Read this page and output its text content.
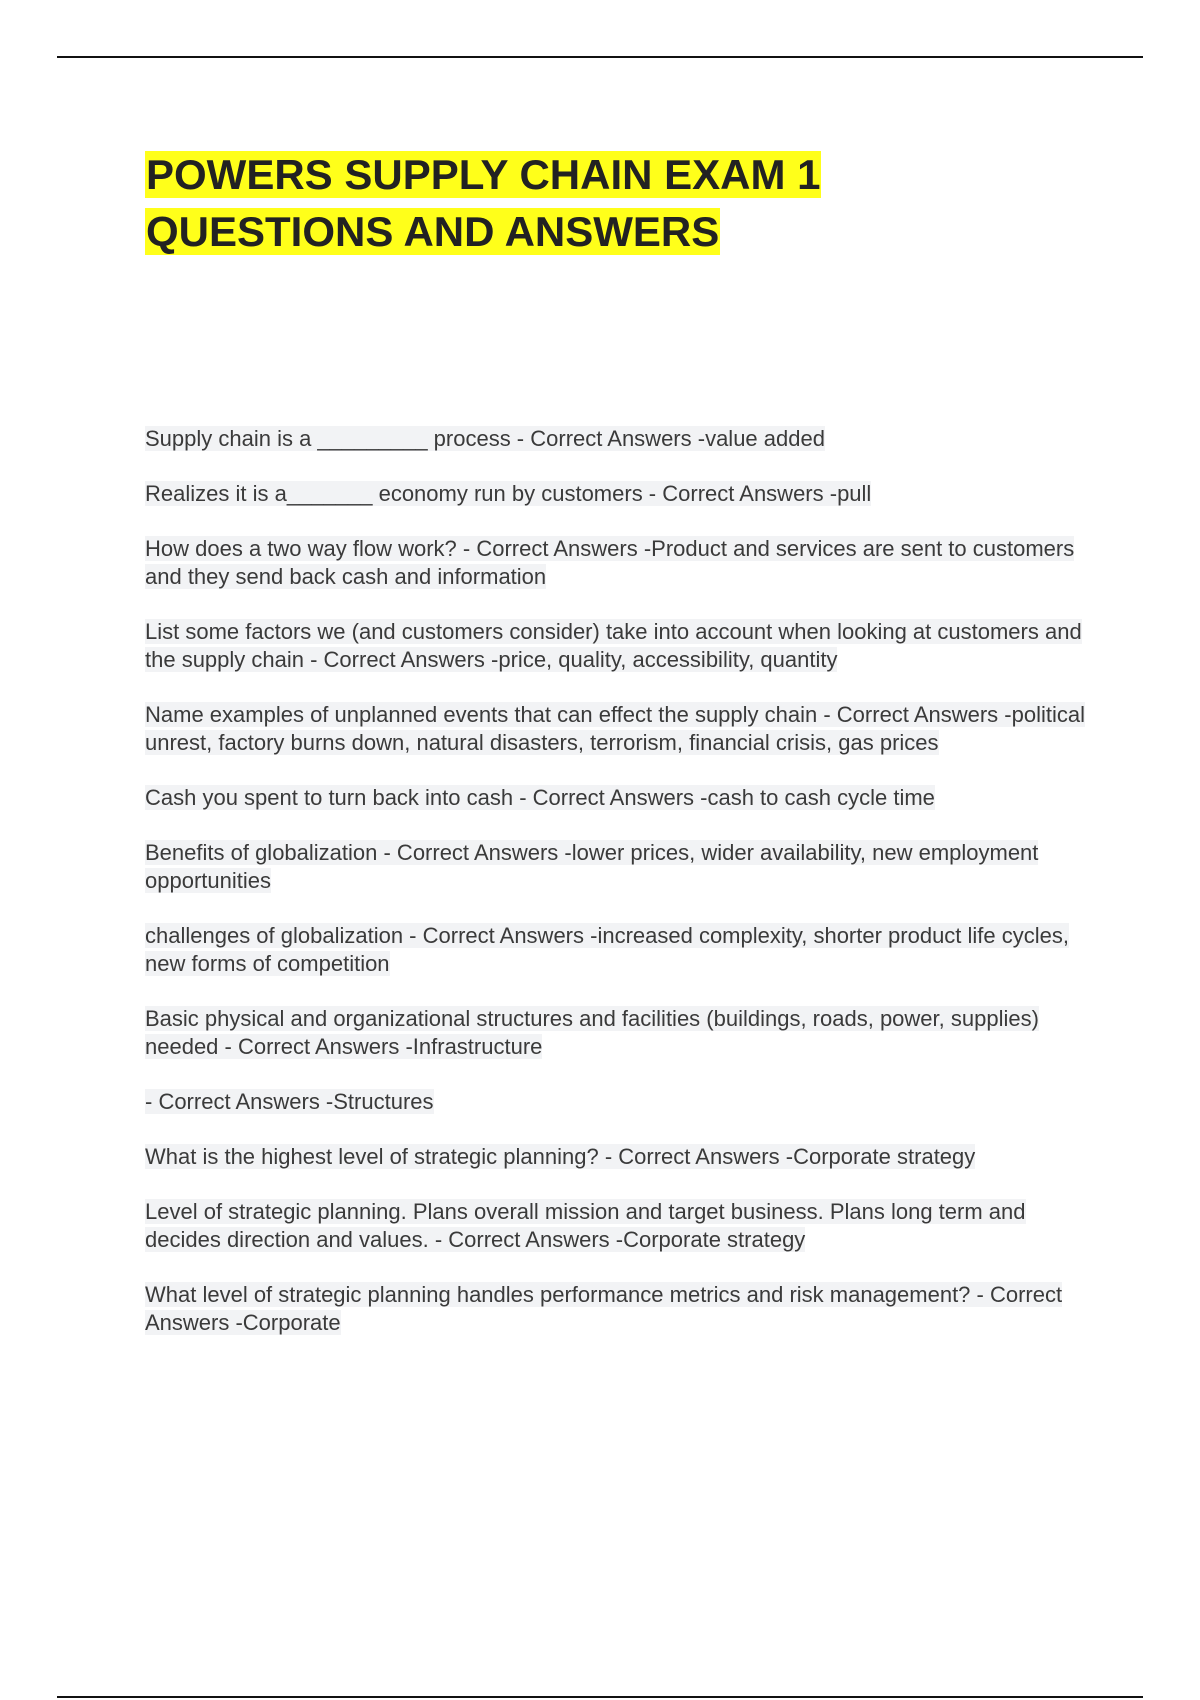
POWERS SUPPLY CHAIN EXAM 1
QUESTIONS AND ANSWERS

Supply chain is a _________ process - Correct Answers -value added

Realizes it is a_______ economy run by customers - Correct Answers -pull

How does a two way flow work? - Correct Answers -Product and services are sent to customers and they send back cash and information

List some factors we (and customers consider) take into account when looking at customers and the supply chain - Correct Answers -price, quality, accessibility, quantity

Name examples of unplanned events that can effect the supply chain - Correct Answers -political unrest, factory burns down, natural disasters, terrorism, financial crisis, gas prices

Cash you spent to turn back into cash - Correct Answers -cash to cash cycle time

Benefits of globalization - Correct Answers -lower prices, wider availability, new employment opportunities

challenges of globalization - Correct Answers -increased complexity, shorter product life cycles, new forms of competition

Basic physical and organizational structures and facilities (buildings, roads, power, supplies) needed - Correct Answers -Infrastructure

- Correct Answers -Structures

What is the highest level of strategic planning? - Correct Answers -Corporate strategy

Level of strategic planning. Plans overall mission and target business. Plans long term and decides direction and values. - Correct Answers -Corporate strategy

What level of strategic planning handles performance metrics and risk management? - Correct Answers -Corporate
